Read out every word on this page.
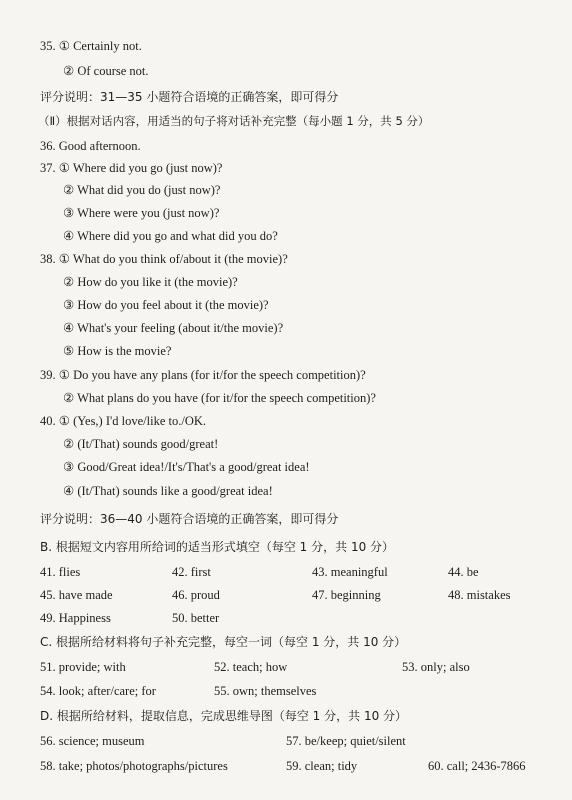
35. ① Certainly not.
② Of course not.
评分说明：31—35 小题符合语境的正确答案，即可得分
（Ⅱ）根据对话内容，用适当的句子将对话补充完整（每小题 1 分，共 5 分）
36. Good afternoon.
37. ① Where did you go (just now)?
② What did you do (just now)?
③ Where were you (just now)?
④ Where did you go and what did you do?
38. ① What do you think of/about it (the movie)?
② How do you like it (the movie)?
③ How do you feel about it (the movie)?
④ What's your feeling (about it/the movie)?
⑤ How is the movie?
39. ① Do you have any plans (for it/for the speech competition)?
② What plans do you have (for it/for the speech competition)?
40. ① (Yes,) I'd love/like to./OK.
② (It/That) sounds good/great!
③ Good/Great idea!/It's/That's a good/great idea!
④ (It/That) sounds like a good/great idea!
评分说明：36—40 小题符合语境的正确答案，即可得分
B. 根据短文内容用所给词的适当形式填空（每空 1 分，共 10 分）
41. flies	42. first	43. meaningful	44. be
45. have made	46. proud	47. beginning	48. mistakes
49. Happiness	50. better
C. 根据所给材料将句子补充完整，每空一词（每空 1 分，共 10 分）
51. provide; with	52. teach; how	53. only; also
54. look; after/care; for	55. own; themselves
D. 根据所给材料，提取信息，完成思维导图（每空 1 分，共 10 分）
56. science; museum	57. be/keep; quiet/silent
58. take; photos/photographs/pictures	59. clean; tidy	60. call; 2436-7866
